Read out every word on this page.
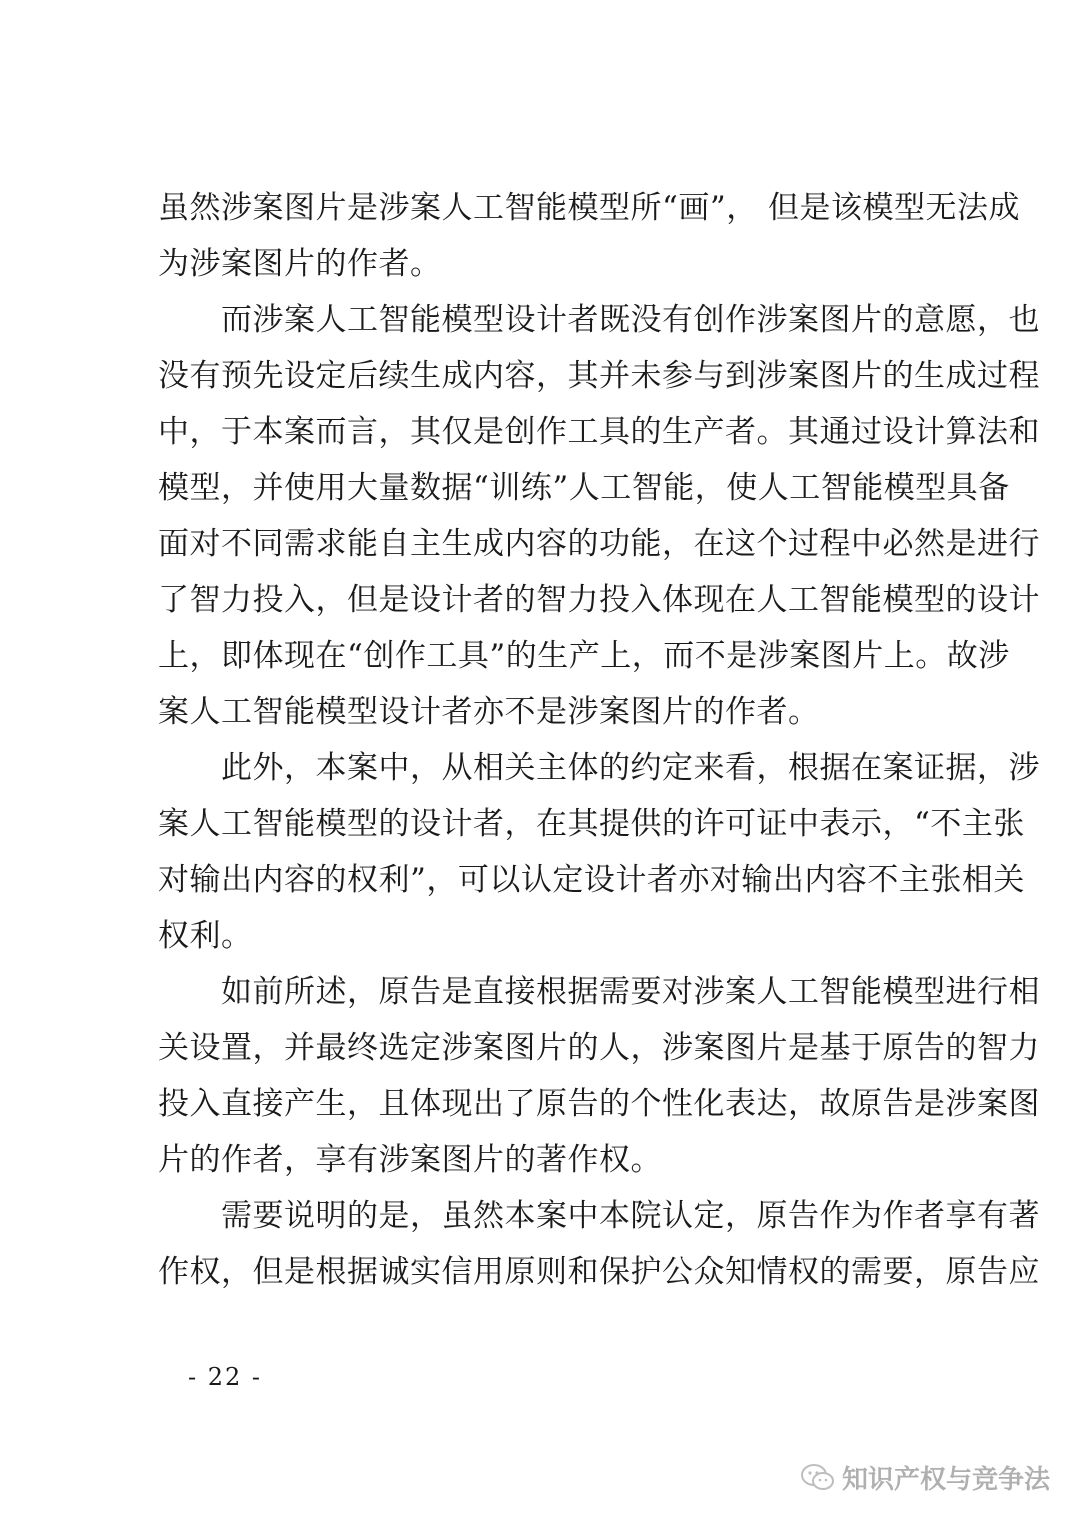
虽然涉案图片是涉案人工智能模型所“画”， 但是该模型无法成
为涉案图片的作者。
　　而涉案人工智能模型设计者既没有创作涉案图片的意愿，也
没有预先设定后续生成内容，其并未参与到涉案图片的生成过程
中，于本案而言，其仅是创作工具的生产者。其通过设计算法和
模型，并使用大量数据“训练”人工智能，使人工智能模型具备
面对不同需求能自主生成内容的功能，在这个过程中必然是进行
了智力投入，但是设计者的智力投入体现在人工智能模型的设计
上，即体现在“创作工具”的生产上，而不是涉案图片上。故涉
案人工智能模型设计者亦不是涉案图片的作者。
　　此外，本案中，从相关主体的约定来看，根据在案证据，涉
案人工智能模型的设计者，在其提供的许可证中表示，“不主张
对输出内容的权利”，可以认定设计者亦对输出内容不主张相关
权利。
　　如前所述，原告是直接根据需要对涉案人工智能模型进行相
关设置，并最终选定涉案图片的人，涉案图片是基于原告的智力
投入直接产生，且体现出了原告的个性化表达，故原告是涉案图
片的作者，享有涉案图片的著作权。
　　需要说明的是，虽然本案中本院认定，原告作为作者享有著
作权，但是根据诚实信用原则和保护公众知情权的需要，原告应
- 22 -
知识产权与竞争法
